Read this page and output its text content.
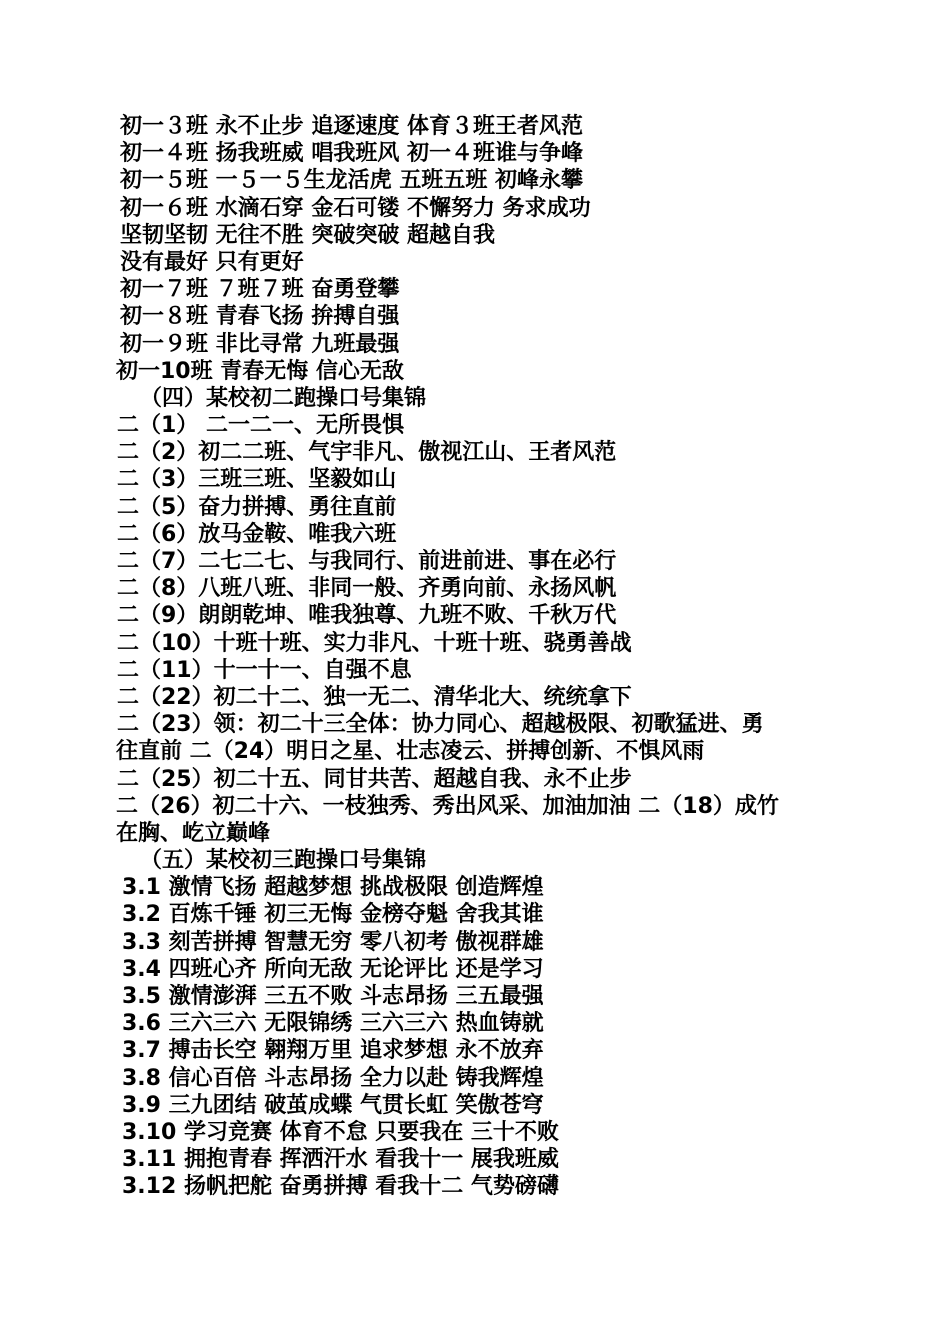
初一３班 永不止步 追逐速度 体育３班王者风范
初一４班 扬我班威 唱我班风 初一４班谁与争峰
初一５班 一５一５生龙活虎 五班五班 初峰永攀
初一６班 水滴石穿 金石可镂 不懈努力 务求成功
坚韧坚韧 无往不胜 突破突破 超越自我
没有最好 只有更好
初一７班 ７班７班 奋勇登攀
初一８班 青春飞扬 拚搏自强
初一９班 非比寻常 九班最强
初一10班 青春无悔 信心无敌
（四）某校初二跑操口号集锦
二（1） 二一二一、无所畏惧
二（2）初二二班、气宇非凡、傲视江山、王者风范
二（3）三班三班、坚毅如山
二（5）奋力拼搏、勇往直前
二（6）放马金鞍、唯我六班
二（7）二七二七、与我同行、前进前进、事在必行
二（8）八班八班、非同一般、齐勇向前、永扬风帆
二（9）朗朗乾坤、唯我独尊、九班不败、千秋万代
二（10）十班十班、实力非凡、十班十班、骁勇善战
二（11）十一十一、自强不息
二（22）初二十二、独一无二、清华北大、统统拿下
二（23）领：初二十三全体：协力同心、超越极限、初歌猛进、勇
往直前 二（24）明日之星、壮志凌云、拼搏创新、不惧风雨
二（25）初二十五、同甘共苦、超越自我、永不止步
二（26）初二十六、一枝独秀、秀出风采、加油加油 二（18）成竹
在胸、屹立巅峰
（五）某校初三跑操口号集锦
3.1 激情飞扬 超越梦想 挑战极限 创造辉煌
3.2 百炼千锤 初三无悔 金榜夺魁 舍我其谁
3.3 刻苦拼搏 智慧无穷 零八初考 傲视群雄
3.4 四班心齐 所向无敌 无论评比 还是学习
3.5 激情澎湃 三五不败 斗志昂扬 三五最强
3.6 三六三六 无限锦绣 三六三六 热血铸就
3.7 搏击长空 翱翔万里 追求梦想 永不放弃
3.8 信心百倍 斗志昂扬 全力以赴 铸我辉煌
3.9 三九团结 破茧成蝶 气贯长虹 笑傲苍穹
3.10 学习竞赛 体育不怠 只要我在 三十不败
3.11 拥抱青春 挥洒汗水 看我十一 展我班威
3.12 扬帆把舵 奋勇拼搏 看我十二 气势磅礴
